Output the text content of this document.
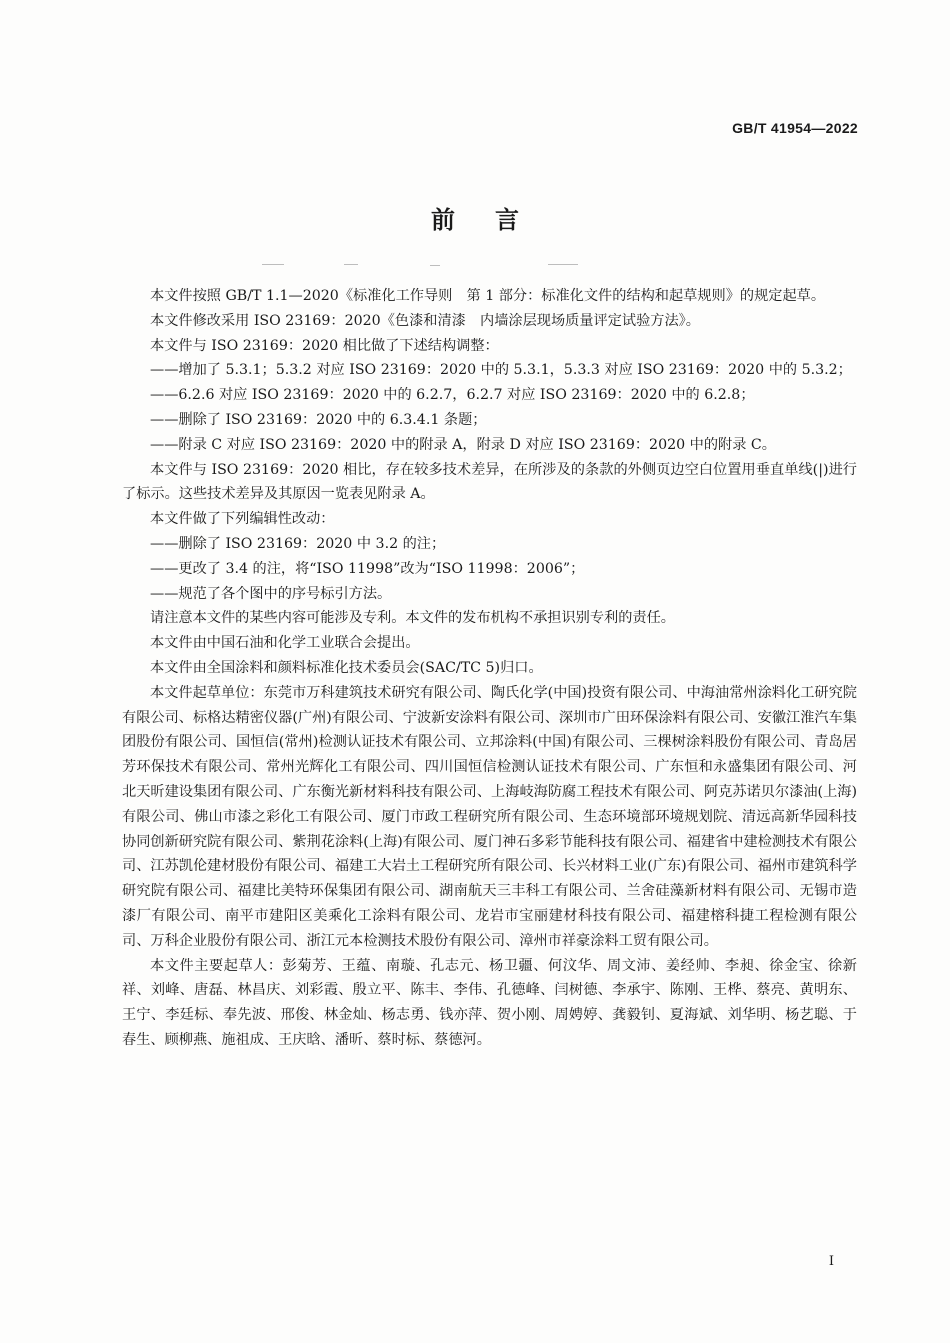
GB/T 41954—2022
前言

本文件按照 GB/T 1.1—2020《标准化工作导则　第 1 部分：标准化文件的结构和起草规则》的规定起草。

本文件修改采用 ISO 23169：2020《色漆和清漆　内墙涂层现场质量评定试验方法》。

本文件与 ISO 23169：2020 相比做了下述结构调整：

——增加了 5.3.1；5.3.2 对应 ISO 23169：2020 中的 5.3.1，5.3.3 对应 ISO 23169：2020 中的 5.3.2；

——6.2.6 对应 ISO 23169：2020 中的 6.2.7，6.2.7 对应 ISO 23169：2020 中的 6.2.8；

——删除了 ISO 23169：2020 中的 6.3.4.1 条题；

——附录 C 对应 ISO 23169：2020 中的附录 A，附录 D 对应 ISO 23169：2020 中的附录 C。

本文件与 ISO 23169：2020 相比，存在较多技术差异，在所涉及的条款的外侧页边空白位置用垂直单线(|)进行了标示。这些技术差异及其原因一览表见附录 A。

本文件做了下列编辑性改动：

——删除了 ISO 23169：2020 中 3.2 的注；

——更改了 3.4 的注，将“ISO 11998”改为“ISO 11998：2006”；

——规范了各个图中的序号标引方法。

请注意本文件的某些内容可能涉及专利。本文件的发布机构不承担识别专利的责任。

本文件由中国石油和化学工业联合会提出。

本文件由全国涂料和颜料标准化技术委员会(SAC/TC 5)归口。

本文件起草单位：东莞市万科建筑技术研究有限公司、陶氏化学(中国)投资有限公司、中海油常州涂料化工研究院有限公司、标格达精密仪器(广州)有限公司、宁波新安涂料有限公司、深圳市广田环保涂料有限公司、安徽江淮汽车集团股份有限公司、国恒信(常州)检测认证技术有限公司、立邦涂料(中国)有限公司、三棵树涂料股份有限公司、青岛居芳环保技术有限公司、常州光辉化工有限公司、四川国恒信检测认证技术有限公司、广东恒和永盛集团有限公司、河北天昕建设集团有限公司、广东衡光新材料科技有限公司、上海岐海防腐工程技术有限公司、阿克苏诺贝尔漆油(上海)有限公司、佛山市漆之彩化工有限公司、厦门市政工程研究所有限公司、生态环境部环境规划院、清远高新华园科技协同创新研究院有限公司、紫荆花涂料(上海)有限公司、厦门神石多彩节能科技有限公司、福建省中建检测技术有限公司、江苏凯伦建材股份有限公司、福建工大岩土工程研究所有限公司、长兴材料工业(广东)有限公司、福州市建筑科学研究院有限公司、福建比美特环保集团有限公司、湖南航天三丰科工有限公司、兰舍硅藻新材料有限公司、无锡市造漆厂有限公司、南平市建阳区美乘化工涂料有限公司、龙岩市宝丽建材科技有限公司、福建榕科捷工程检测有限公司、万科企业股份有限公司、浙江元本检测技术股份有限公司、漳州市祥豪涂料工贸有限公司。

本文件主要起草人：彭菊芳、王蕴、南璇、孔志元、杨卫疆、何汶华、周文沛、姜经帅、李昶、徐金宝、徐新祥、刘峰、唐磊、林昌庆、刘彩霞、殷立平、陈丰、李伟、孔德峰、闫树德、李承宇、陈刚、王桦、蔡亮、黄明东、王宁、李廷标、奉先波、邢俊、林金灿、杨志勇、钱亦萍、贺小刚、周娉婷、龚毅钊、夏海斌、刘华明、杨艺聪、于春生、顾柳燕、施祖成、王庆晗、潘昕、蔡时标、蔡德河。

I
